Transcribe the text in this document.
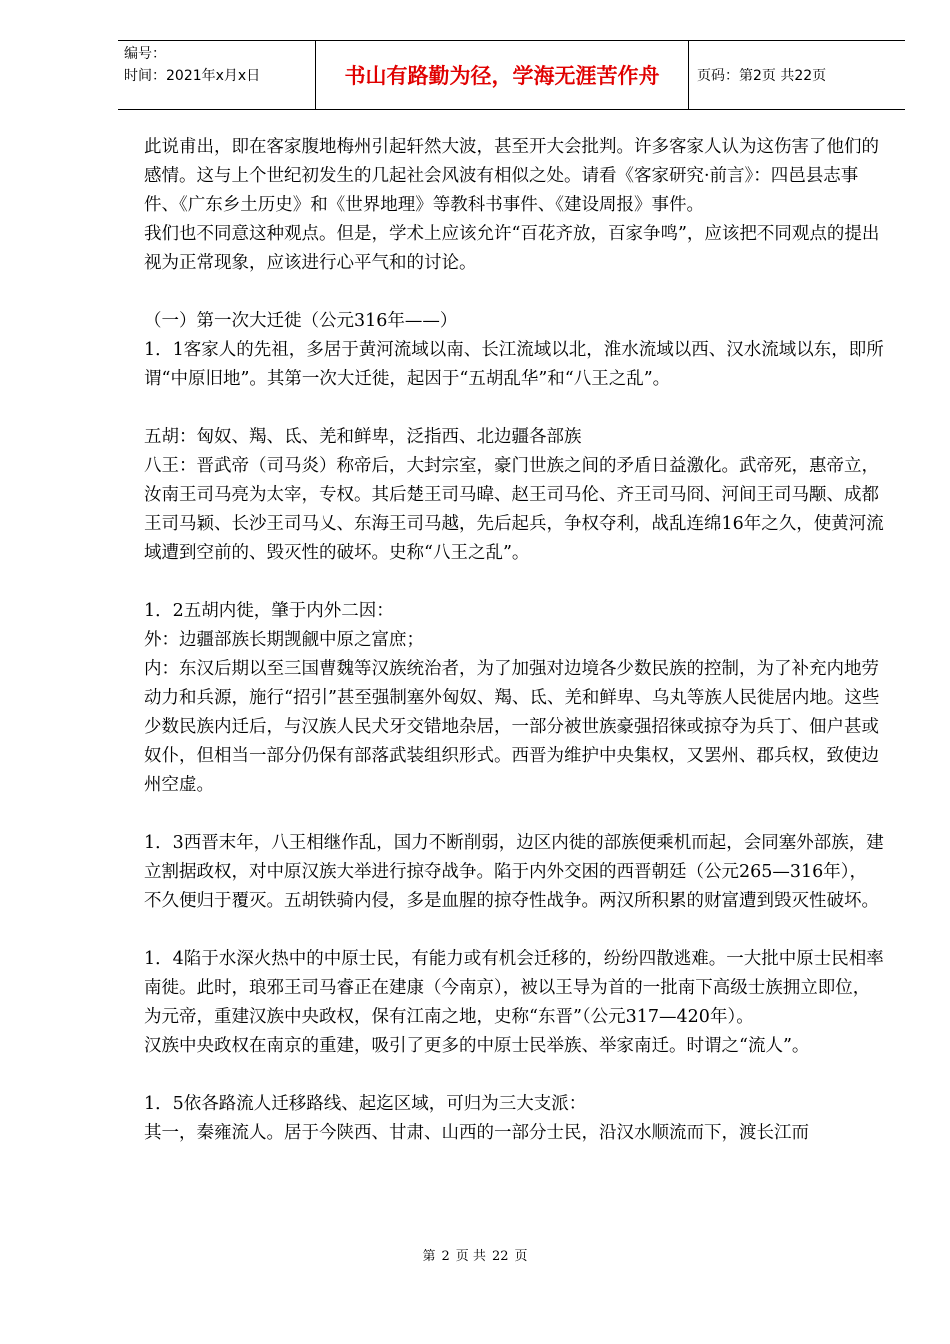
编号：
时间：2021年x月x日	书山有路勤为径，学海无涯苦作舟	页码：第2页 共22页

此说甫出，即在客家腹地梅州引起轩然大波，甚至开大会批判。许多客家人认为这伤害了他们的感情。这与上个世纪初发生的几起社会风波有相似之处。请看《客家研究·前言》：四邑县志事件、《广东乡土历史》和《世界地理》等教科书事件、《建设周报》事件。

我们也不同意这种观点。但是，学术上应该允许“百花齐放，百家争鸣”，应该把不同观点的提出视为正常现象，应该进行心平气和的讨论。

（一）第一次大迁徙（公元316年——）

1．1客家人的先祖，多居于黄河流域以南、长江流域以北，淮水流域以西、汉水流域以东，即所谓“中原旧地”。其第一次大迁徙，起因于“五胡乱华”和“八王之乱”。

五胡：匈奴、羯、氐、羌和鲜卑，泛指西、北边疆各部族

八王：晋武帝（司马炎）称帝后，大封宗室，豪门世族之间的矛盾日益激化。武帝死，惠帝立，汝南王司马亮为太宰，专权。其后楚王司马暐、赵王司马伦、齐王司马冏、河间王司马颙、成都王司马颖、长沙王司马乂、东海王司马越，先后起兵，争权夺利，战乱连绵16年之久，使黄河流域遭到空前的、毁灭性的破坏。史称“八王之乱”。

1．2五胡内徙，肇于内外二因：

外：边疆部族长期觊觎中原之富庶；

内：东汉后期以至三国曹魏等汉族统治者，为了加强对边境各少数民族的控制，为了补充内地劳动力和兵源，施行“招引”甚至强制塞外匈奴、羯、氐、羌和鲜卑、乌丸等族人民徙居内地。这些少数民族内迁后，与汉族人民犬牙交错地杂居，一部分被世族豪强招徕或掠夺为兵丁、佃户甚或奴仆，但相当一部分仍保有部落武装组织形式。西晋为维护中央集权，又罢州、郡兵权，致使边州空虚。

1．3西晋末年，八王相继作乱，国力不断削弱，边区内徙的部族便乘机而起，会同塞外部族，建立割据政权，对中原汉族大举进行掠夺战争。陷于内外交困的西晋朝廷（公元265—316年），不久便归于覆灭。五胡铁骑内侵，多是血腥的掠夺性战争。两汉所积累的财富遭到毁灭性破坏。

1．4陷于水深火热中的中原士民，有能力或有机会迁移的，纷纷四散逃难。一大批中原士民相率南徙。此时，琅邪王司马睿正在建康（今南京），被以王导为首的一批南下高级士族拥立即位，为元帝，重建汉族中央政权，保有江南之地，史称“东晋”（公元317—420年）。

汉族中央政权在南京的重建，吸引了更多的中原士民举族、举家南迁。时谓之“流人”。

1．5依各路流人迁移路线、起迄区域，可归为三大支派：

其一，秦雍流人。居于今陕西、甘肃、山西的一部分士民，沿汉水顺流而下，渡长江而

第 2 页 共 22 页
